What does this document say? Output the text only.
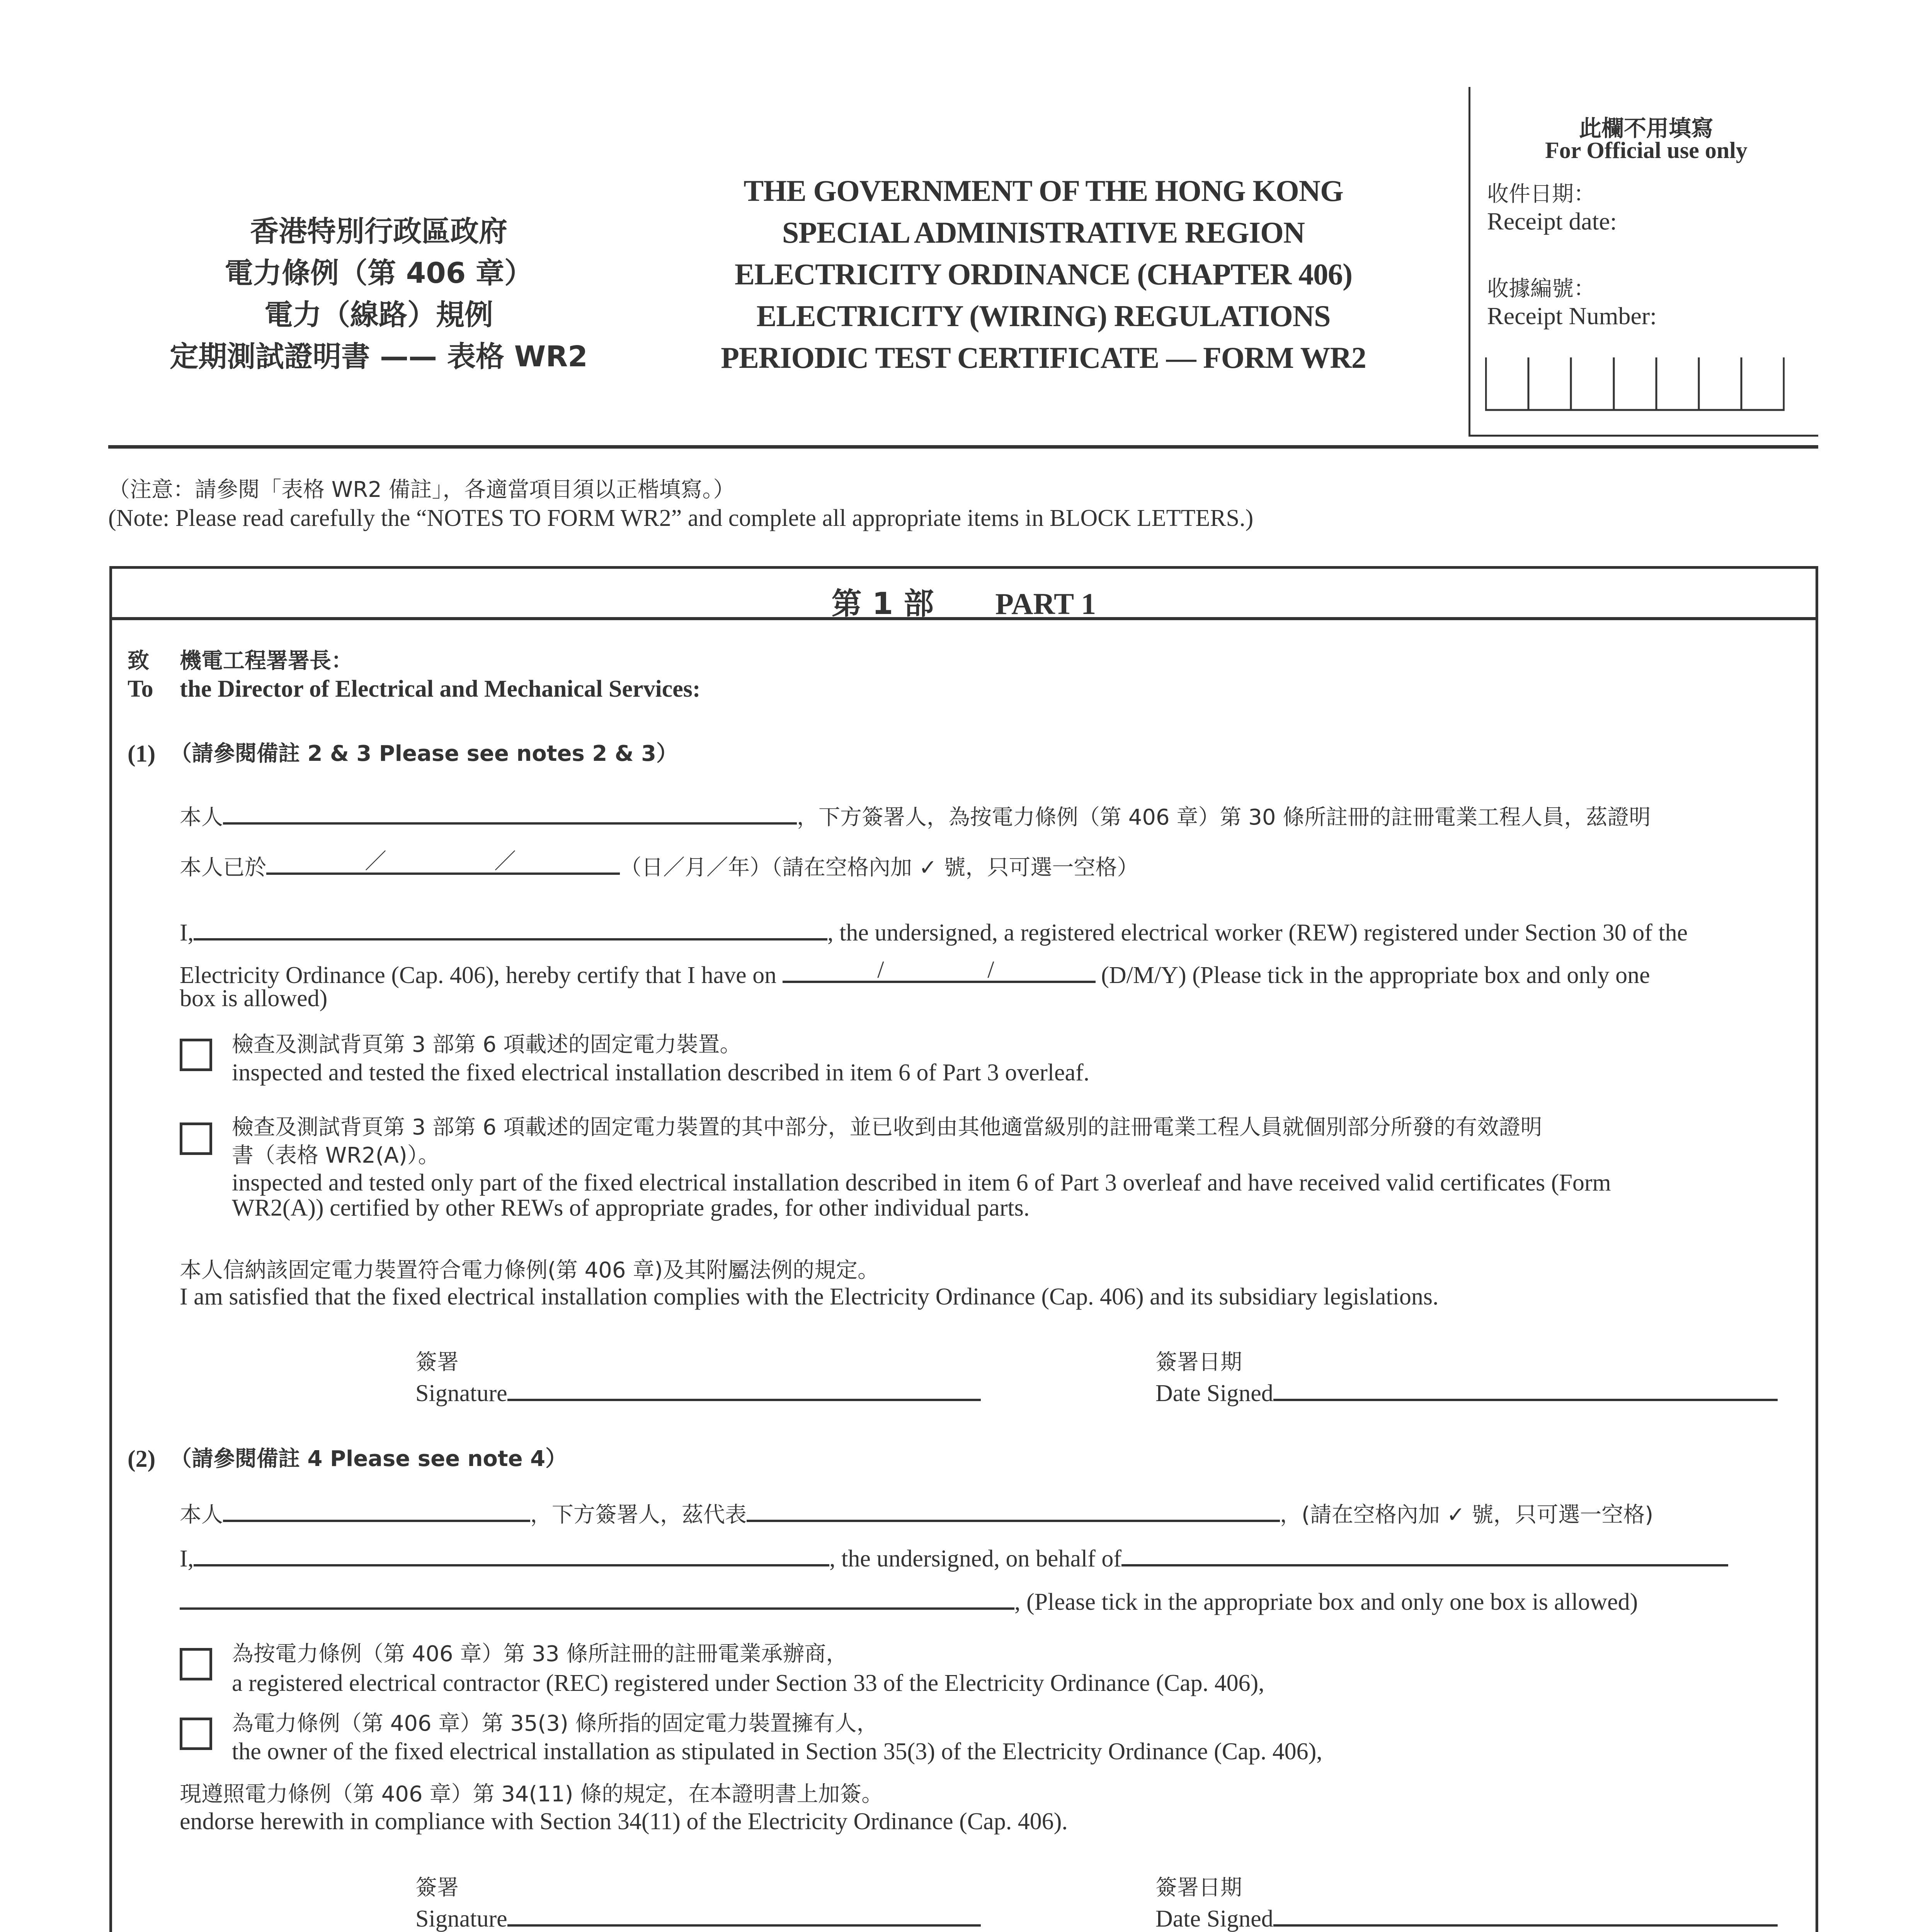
香港特別行政區政府
電力條例（第 406 章）
電力（線路）規例
定期測試證明書 —— 表格 WR2
THE GOVERNMENT OF THE HONG KONG
SPECIAL ADMINISTRATIVE REGION
ELECTRICITY ORDINANCE (CHAPTER 406)
ELECTRICITY (WIRING) REGULATIONS
PERIODIC TEST CERTIFICATE — FORM WR2
此欄不用填寫
For Official use only
收件日期：
Receipt date:
收據編號：
Receipt Number:
（注意：請參閱「表格 WR2 備註」，各適當項目須以正楷填寫。）
(Note: Please read carefully the “NOTES TO FORM WR2” and complete all appropriate items in BLOCK LETTERS.)
第 1 部 PART 1
致 機電工程署署長：
To the Director of Electrical and Mechanical Services:
(1) （請參閱備註 2 & 3 Please see notes 2 & 3）
本人	，下方簽署人，為按電力條例（第 406 章）第 30 條所註冊的註冊電業工程人員，茲證明
本人已於	／	／	（日／月／年）（請在空格內加 ✓ 號，只可選一空格）
I,	, the undersigned, a registered electrical worker (REW) registered under Section 30 of the
Electricity Ordinance (Cap. 406), hereby certify that I have on	/	/	(D/M/Y) (Please tick in the appropriate box and only one
box is allowed)
檢查及測試背頁第 3 部第 6 項載述的固定電力裝置。
inspected and tested the fixed electrical installation described in item 6 of Part 3 overleaf.
檢查及測試背頁第 3 部第 6 項載述的固定電力裝置的其中部分，並已收到由其他適當級別的註冊電業工程人員就個別部分所發的有效證明
書（表格 WR2(A)）。
inspected and tested only part of the fixed electrical installation described in item 6 of Part 3 overleaf and have received valid certificates (Form
WR2(A)) certified by other REWs of appropriate grades, for other individual parts.
本人信納該固定電力裝置符合電力條例(第 406 章)及其附屬法例的規定。
I am satisfied that the fixed electrical installation complies with the Electricity Ordinance (Cap. 406) and its subsidiary legislations.
簽署
Signature
簽署日期
Date Signed
(2) （請參閱備註 4 Please see note 4）
本人	，下方簽署人，茲代表	，(請在空格內加 ✓ 號，只可選一空格)
I,	, the undersigned, on behalf of
, (Please tick in the appropriate box and only one box is allowed)
為按電力條例（第 406 章）第 33 條所註冊的註冊電業承辦商，
a registered electrical contractor (REC) registered under Section 33 of the Electricity Ordinance (Cap. 406),
為電力條例（第 406 章）第 35(3) 條所指的固定電力裝置擁有人，
the owner of the fixed electrical installation as stipulated in Section 35(3) of the Electricity Ordinance (Cap. 406),
現遵照電力條例（第 406 章）第 34(11) 條的規定，在本證明書上加簽。
endorse herewith in compliance with Section 34(11) of the Electricity Ordinance (Cap. 406).
簽署
Signature
簽署日期
Date Signed
